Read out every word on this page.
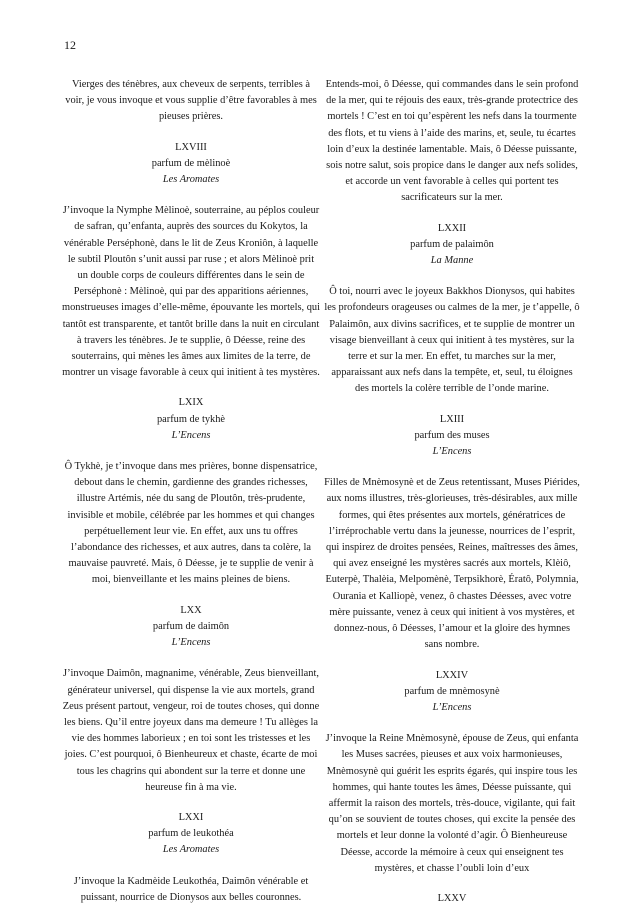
12

Vierges des ténèbres, aux cheveux de serpents, terribles à voir, je vous invoque et vous supplie d’être favorables à mes pieuses prières.

LXVIII

parfum de mèlinoè

Les Aromates

J’invoque la Nymphe Mèlinoè, souterraine, au péplos couleur de safran, qu’enfanta, auprès des sources du Kokytos, la vénérable Perséphonè, dans le lit de Zeus Kroniôn, à laquelle le subtil Ploutôn s’unit aussi par ruse ; et alors Mèlinoè prit un double corps de couleurs différentes dans le sein de Perséphonè : Mèlinoè, qui par des apparitions aériennes, monstrueuses images d’elle-même, épouvante les mortels, qui tantôt est transparente, et tantôt brille dans la nuit en circulant à travers les ténèbres. Je te supplie, ô Déesse, reine des souterrains, qui mènes les âmes aux limites de la terre, de montrer un visage favorable à ceux qui initient à tes mystères.

LXIX

parfum de tykhè

L’Encens

Ô Tykhè, je t’invoque dans mes prières, bonne dispensatrice, debout dans le chemin, gardienne des grandes richesses, illustre Artémis, née du sang de Ploutôn, très-prudente, invisible et mobile, célébrée par les hommes et qui changes perpétuellement leur vie. En effet, aux uns tu offres l’abondance des richesses, et aux autres, dans ta colère, la mauvaise pauvreté. Mais, ô Déesse, je te supplie de venir à moi, bienveillante et les mains pleines de biens.

LXX

parfum de daimôn

L’Encens

J’invoque Daimôn, magnanime, vénérable, Zeus bienveillant, générateur universel, qui dispense la vie aux mortels, grand Zeus présent partout, vengeur, roi de toutes choses, qui donne les biens. Qu’il entre joyeux dans ma demeure ! Tu allèges la vie des hommes laborieux ; en toi sont les tristesses et les joies. C’est pourquoi, ô Bienheureux et chaste, écarte de moi tous les chagrins qui abondent sur la terre et donne une heureuse fin à ma vie.

LXXI

parfum de leukothéa

Les Aromates

J’invoque la Kadmèide Leukothéa, Daimôn vénérable et puissant, nourrice de Dionysos aux belles couronnes.

Entends-moi, ô Déesse, qui commandes dans le sein profond de la mer, qui te réjouis des eaux, très-grande protectrice des mortels ! C’est en toi qu’espèrent les nefs dans la tourmente des flots, et tu viens à l’aide des marins, et, seule, tu écartes loin d’eux la destinée lamentable. Mais, ô Déesse puissante, sois notre salut, sois propice dans le danger aux nefs solides, et accorde un vent favorable à celles qui portent tes sacrificateurs sur la mer.

LXXII

parfum de palaimôn

La Manne

Ô toi, nourri avec le joyeux Bakkhos Dionysos, qui habites les profondeurs orageuses ou calmes de la mer, je t’appelle, ô Palaimôn, aux divins sacrifices, et te supplie de montrer un visage bienveillant à ceux qui initient à tes mystères, sur la terre et sur la mer. En effet, tu marches sur la mer, apparaissant aux nefs dans la tempête, et, seul, tu éloignes des mortels la colère terrible de l’onde marine.

LXIII

parfum des muses

L’Encens

Filles de Mnèmosynè et de Zeus retentissant, Muses Piérides, aux noms illustres, très-glorieuses, très-désirables, aux mille formes, qui êtes présentes aux mortels, génératrices de l’irréprochable vertu dans la jeunesse, nourrices de l’esprit, qui inspirez de droites pensées, Reines, maîtresses des âmes, qui avez enseigné les mystères sacrés aux mortels, Klèiô, Euterpè, Thalèia, Melpomènè, Terpsikhorè, Ératô, Polymnia, Ourania et Kalliopè, venez, ô chastes Déesses, avec votre mère puissante, venez à ceux qui initient à vos mystères, et donnez-nous, ô Déesses, l’amour et la gloire des hymnes sans nombre.

LXXIV

parfum de mnèmosynè

L’Encens

J’invoque la Reine Mnèmosynè, épouse de Zeus, qui enfanta les Muses sacrées, pieuses et aux voix harmonieuses, Mnèmosynè qui guérit les esprits égarés, qui inspire tous les hommes, qui hante toutes les âmes, Déesse puissante, qui affermit la raison des mortels, très-douce, vigilante, qui fait qu’on se souvient de toutes choses, qui excite la pensée des mortels et leur donne la volonté d’agir. Ô Bienheureuse Déesse, accorde la mémoire à ceux qui enseignent tes mystères, et chasse l’oubli loin d’eux

LXXV
